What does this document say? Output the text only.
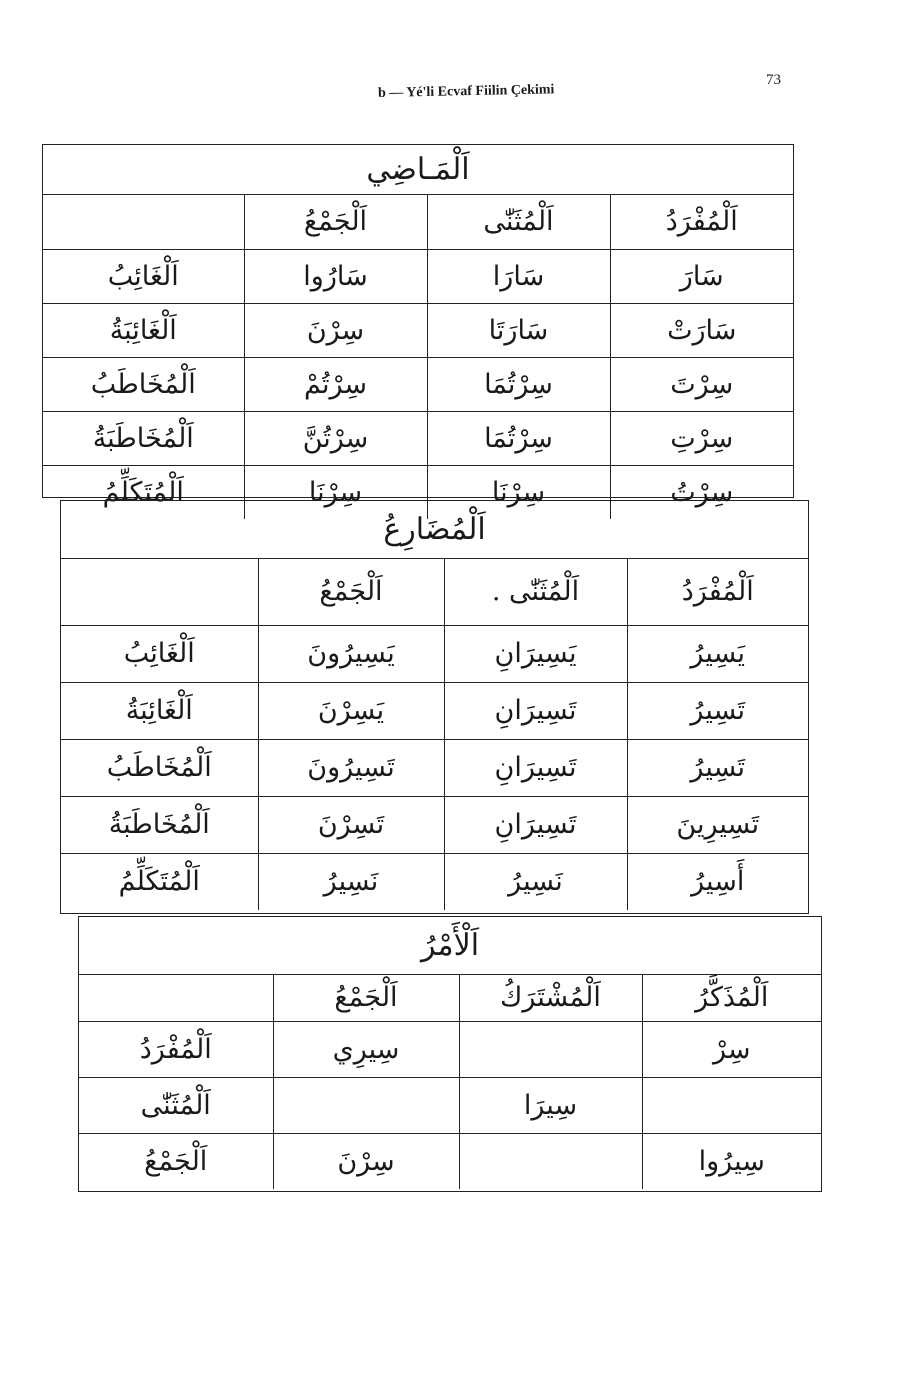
73
b — Yé'li Ecvaf Fiilin Çekimi
اَلْمَـاضِي
اَلْمُفْرَدُ	اَلْمُثَنّٰى	اَلْجَمْعُ	
سَارَ	سَارَا	سَارُوا	اَلْغَائِبُ
سَارَتْ	سَارَتَا	سِرْنَ	اَلْغَائِبَةُ
سِرْتَ	سِرْتُمَا	سِرْتُمْ	اَلْمُخَاطَبُ
سِرْتِ	سِرْتُمَا	سِرْتُنَّ	اَلْمُخَاطَبَةُ
سِرْتُ	سِرْنَا	سِرْنَا	اَلْمُتَكَلِّمُ
اَلْمُضَارِعُ
اَلْمُفْرَدُ	اَلْمُثَنّٰى .	اَلْجَمْعُ	
يَسِيرُ	يَسِيرَانِ	يَسِيرُونَ	اَلْغَائِبُ
تَسِيرُ	تَسِيرَانِ	يَسِرْنَ	اَلْغَائِبَةُ
تَسِيرُ	تَسِيرَانِ	تَسِيرُونَ	اَلْمُخَاطَبُ
تَسِيرِينَ	تَسِيرَانِ	تَسِرْنَ	اَلْمُخَاطَبَةُ
أَسِيرُ	نَسِيرُ	نَسِيرُ	اَلْمُتَكَلِّمُ
اَلْأَمْرُ
اَلْمُذَكَّرُ	اَلْمُشْتَرَكُ	اَلْجَمْعُ	
سِرْ		سِيرِي	اَلْمُفْرَدُ
	سِيرَا		اَلْمُثَنّٰى
سِيرُوا		سِرْنَ	اَلْجَمْعُ
